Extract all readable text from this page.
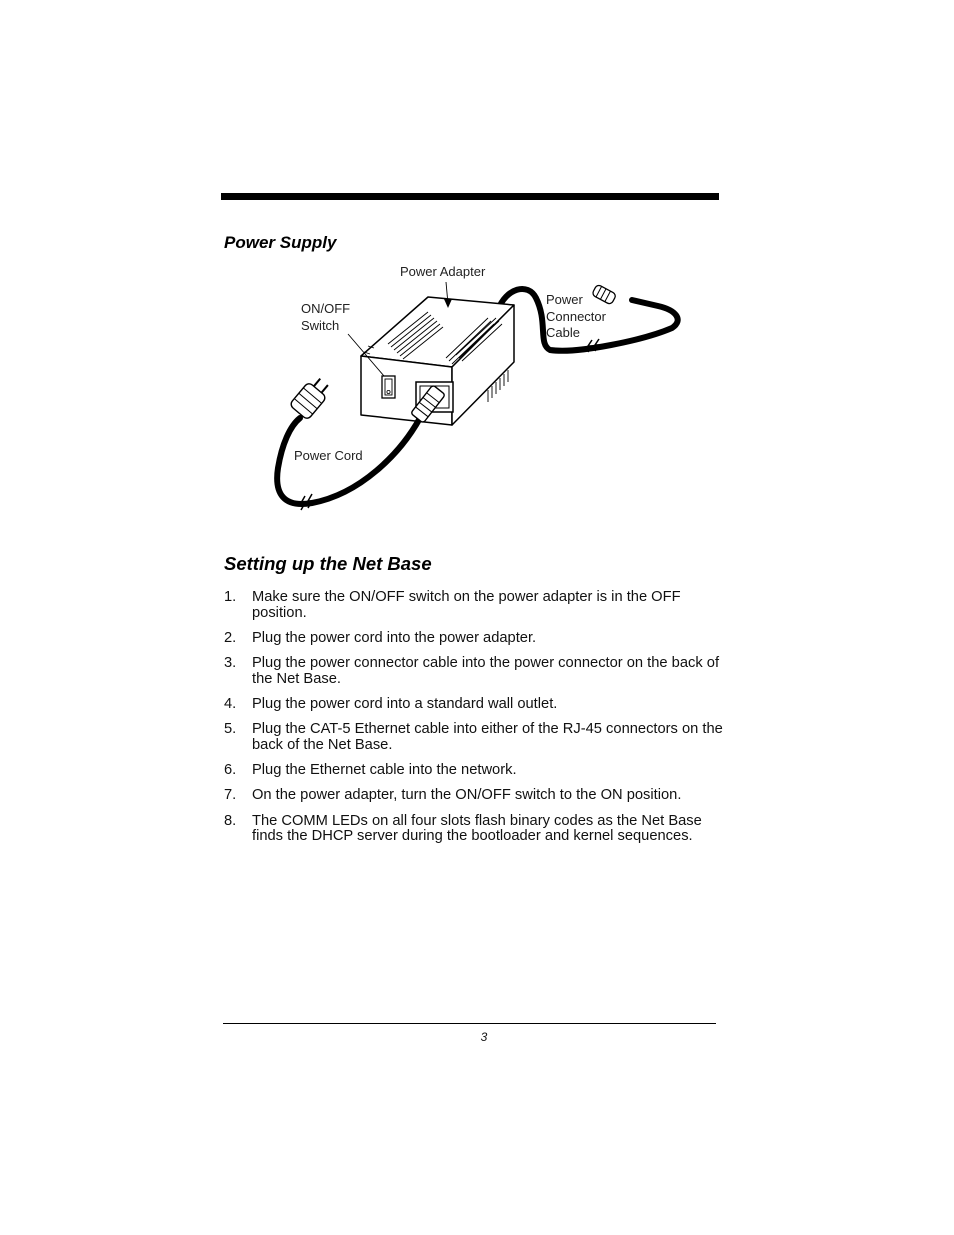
Power Supply
Power Adapter
ON/OFF
Switch
Power
Connector
Cable
Power Cord
Setting up the Net Base
1. Make sure the ON/OFF switch on the power adapter is in the OFF position.
2. Plug the power cord into the power adapter.
3. Plug the power connector cable into the power connector on the back of the Net Base.
4. Plug the power cord into a standard wall outlet.
5. Plug the CAT-5 Ethernet cable into either of the RJ-45 connectors on the back of the Net Base.
6. Plug the Ethernet cable into the network.
7. On the power adapter, turn the ON/OFF switch to the ON position.
8. The COMM LEDs on all four slots flash binary codes as the Net Base finds the DHCP server during the bootloader and kernel sequences.
3
